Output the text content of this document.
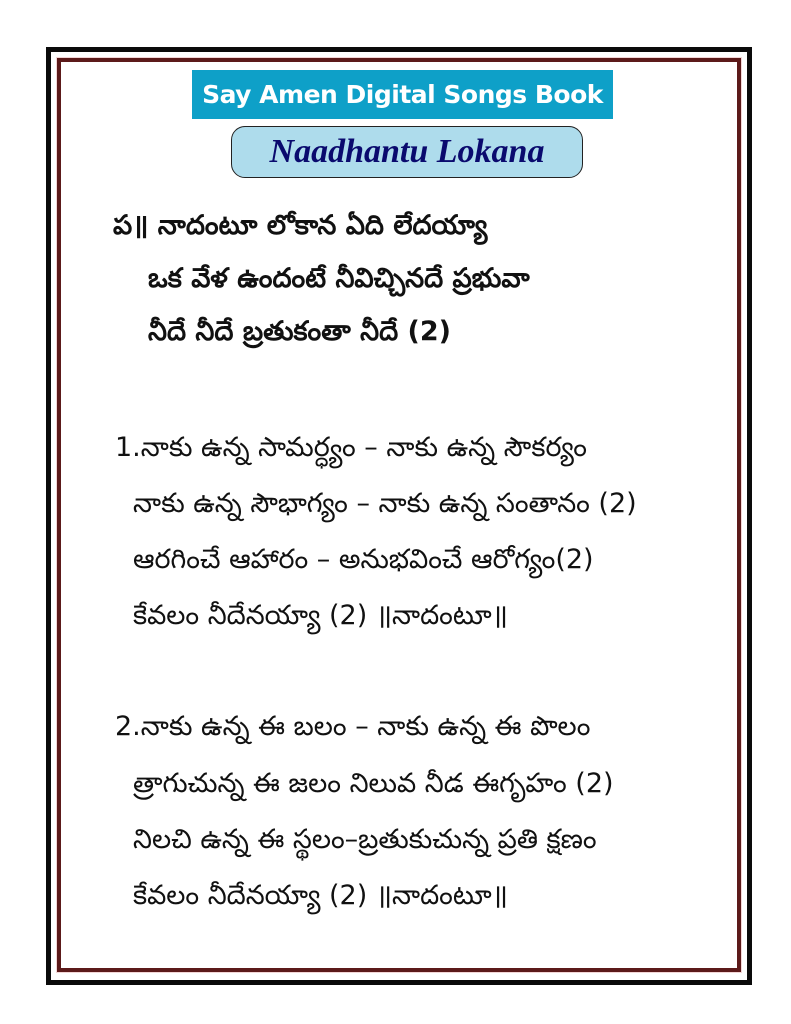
Say Amen Digital Songs Book
Naadhantu Lokana
ప॥ నాదంటూ లోకాన ఏది లేదయ్యా
ఒక వేళ ఉందంటే నీవిచ్చినదే ప్రభువా
నీదే నీదే బ్రతుకంతా నీదే (2)
1.నాకు ఉన్న సామర్ధ్యం – నాకు ఉన్న సౌకర్యం
నాకు ఉన్న సౌభాగ్యం – నాకు ఉన్న సంతానం (2)
ఆరగించే ఆహారం – అనుభవించే ఆరోగ్యం(2)
కేవలం నీదేనయ్యా (2) ॥నాదంటూ॥
2.నాకు ఉన్న ఈ బలం – నాకు ఉన్న ఈ పొలం
త్రాగుచున్న ఈ జలం నిలువ నీడ ఈగృహం (2)
నిలచి ఉన్న ఈ స్థలం–బ్రతుకుచున్న ప్రతి క్షణం
కేవలం నీదేనయ్యా (2) ॥నాదంటూ॥
